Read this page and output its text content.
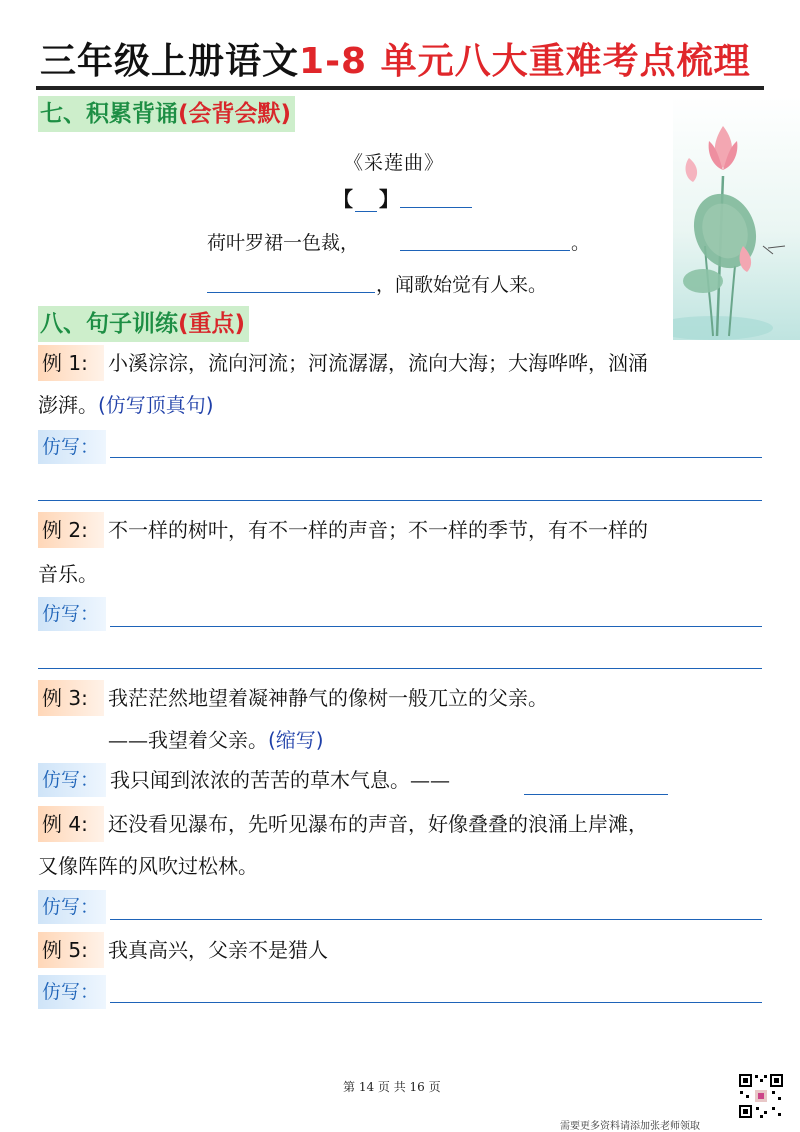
三年级上册语文1-8 单元八大重难考点梳理
七、积累背诵(会背会默)
《采莲曲》
【 】
荷叶罗裙一色裁，	。
，闻歌始觉有人来。
八、句子训练(重点)
例 1:	小溪淙淙，流向河流；河流潺潺，流向大海；大海哗哗，汹涌
澎湃。(仿写顶真句)
仿写：
例 2:	不一样的树叶，有不一样的声音；不一样的季节，有不一样的
音乐。
仿写：
例 3:	我茫茫然地望着凝神静气的像树一般兀立的父亲。
——我望着父亲。(缩写)
仿写： 我只闻到浓浓的苦苦的草木气息。——
例 4:	还没看见瀑布，先听见瀑布的声音，好像叠叠的浪涌上岸滩，
又像阵阵的风吹过松林。
仿写：
例 5:	我真高兴，父亲不是猎人
仿写：
第 14 页 共 16 页
需要更多资料请添加张老师领取
